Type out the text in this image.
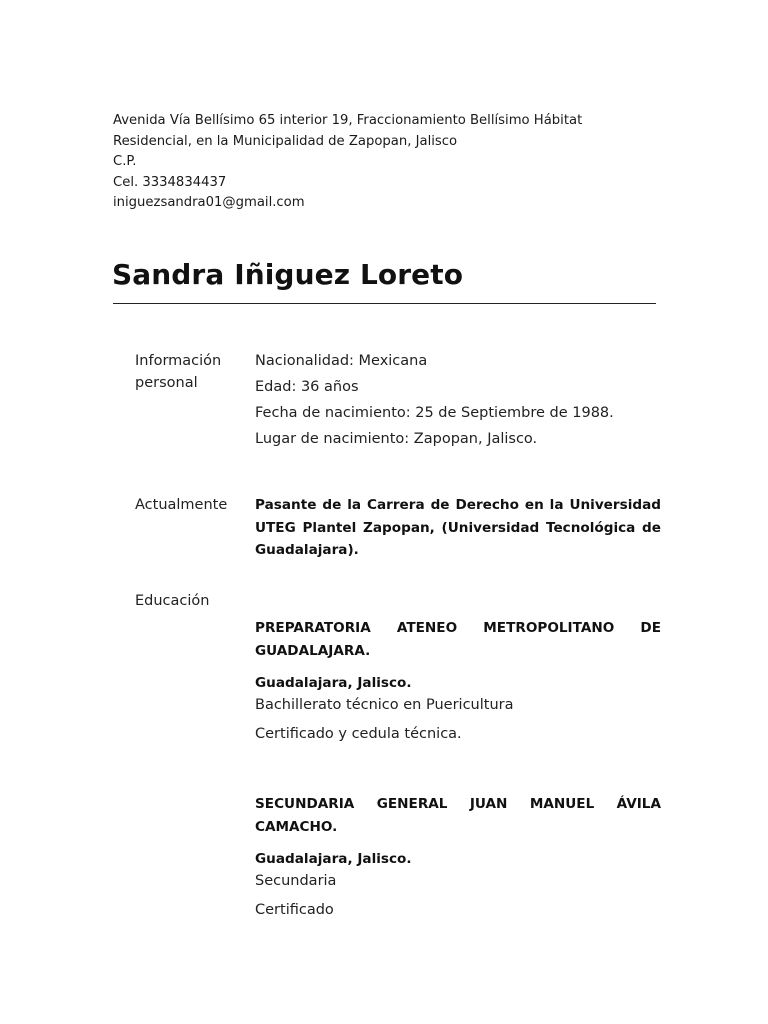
Avenida Vía Bellísimo 65 interior 19, Fraccionamiento Bellísimo Hábitat
Residencial, en la Municipalidad de Zapopan, Jalisco
C.P.
Cel. 3334834437
iniguezsandra01@gmail.com
Sandra Iñiguez Loreto
Información
personal
Nacionalidad: Mexicana
Edad: 36 años
Fecha de nacimiento: 25 de Septiembre de 1988.
Lugar de nacimiento: Zapopan, Jalisco.
Actualmente Pasante de la Carrera de Derecho en la Universidad UTEG Plantel Zapopan, (Universidad Tecnológica de Guadalajara).
Educación
PREPARATORIA ATENEO METROPOLITANO DE GUADALAJARA.
Guadalajara, Jalisco.
Bachillerato técnico en Puericultura
Certificado y cedula técnica.
SECUNDARIA GENERAL JUAN MANUEL ÁVILA CAMACHO.
Guadalajara, Jalisco.
Secundaria
Certificado
